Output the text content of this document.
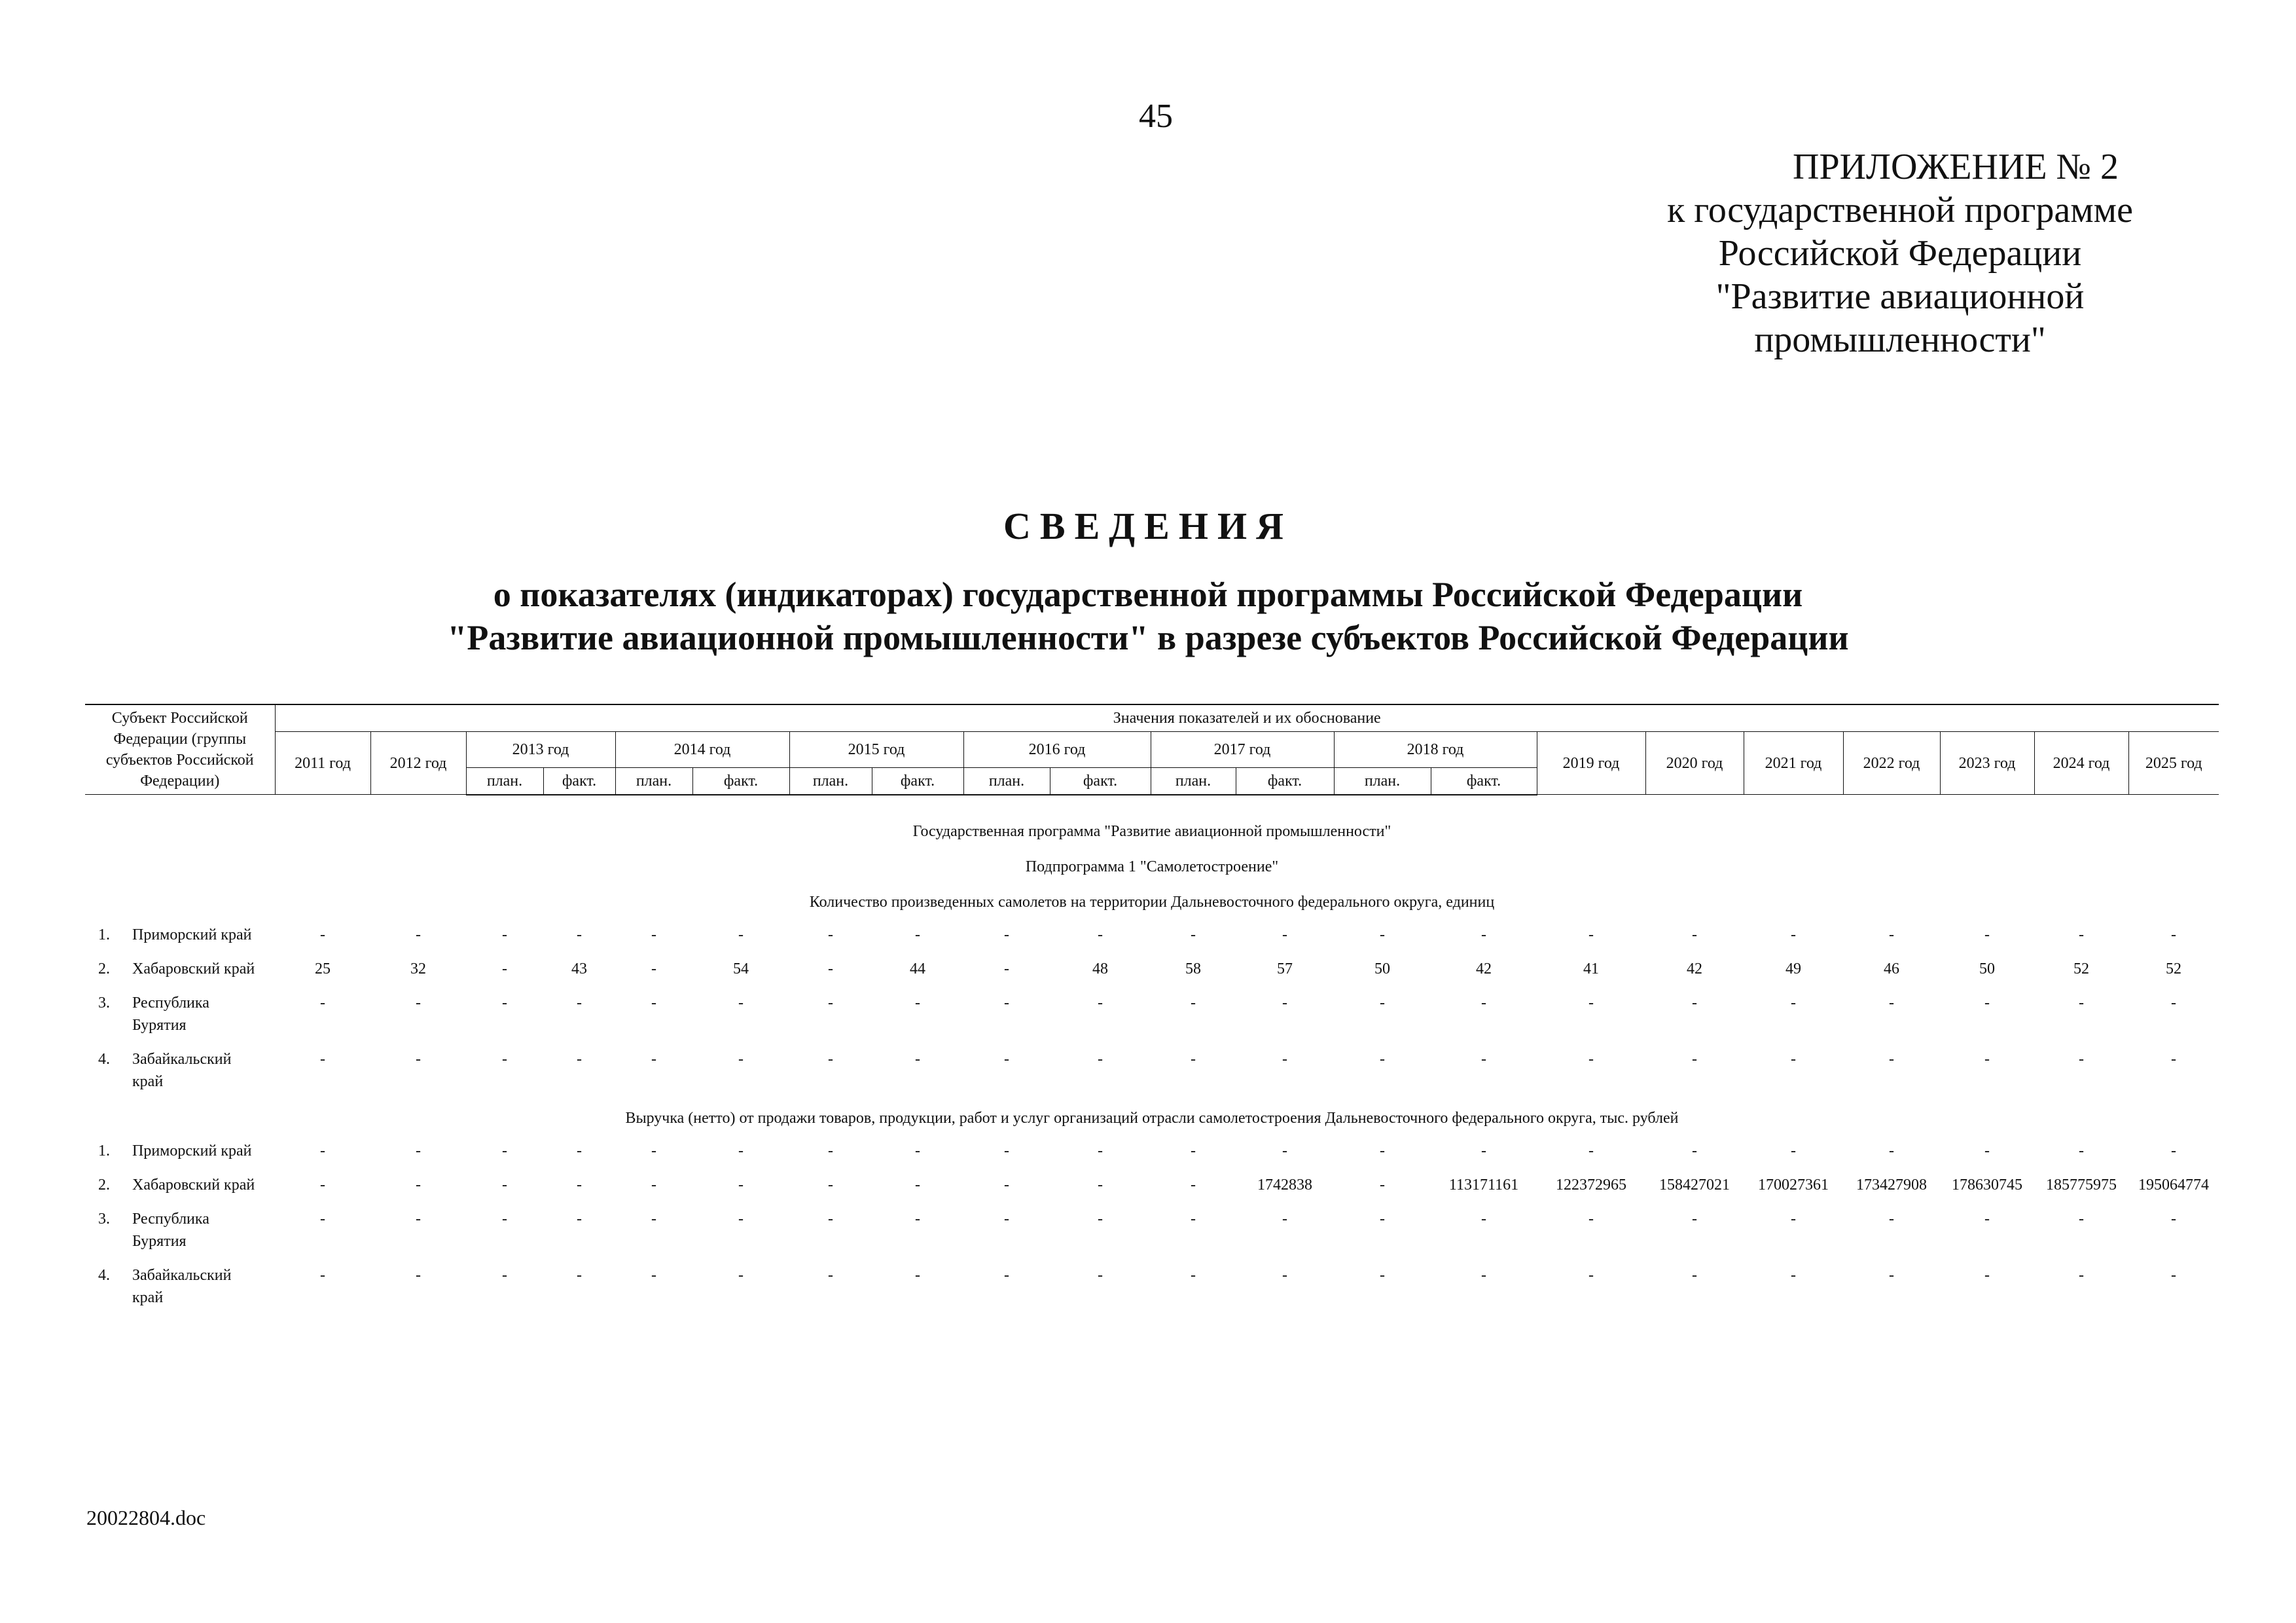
45
ПРИЛОЖЕНИЕ № 2
к государственной программе
Российской Федерации
"Развитие авиационной
промышленности"
СВЕДЕНИЯ
о показателях (индикаторах) государственной программы Российской Федерации
"Развитие авиационной промышленности" в разрезе субъектов Российской Федерации
Субъект Российской Федерации (группы субъектов Российской Федерации)	Значения показателей и их обоснование																				
	2011 год	2012 год	2013 год		2014 год		2015 год		2016 год		2017 год		2018 год		2019 год	2020 год	2021 год	2022 год	2023 год	2024 год	2025 год
			план.	факт.	план.	факт.	план.	факт.	план.	факт.	план.	факт.	план.	факт.							

Государственная программа "Развитие авиационной промышленности"																					
Подпрограмма 1 "Самолетостроение"																					
Количество произведенных самолетов на территории Дальневосточного федерального округа, единиц																					
1. Приморский край	-	-	-	-	-	-	-	-	-	-	-	-	-	-	-	-	-	-	-	-	-
2. Хабаровский край	25	32	-	43	-	54	-	44	-	48	58	57	50	42	41	42	49	46	50	52	52
3. Республика Бурятия	-	-	-	-	-	-	-	-	-	-	-	-	-	-	-	-	-	-	-	-	-
4. Забайкальский край	-	-	-	-	-	-	-	-	-	-	-	-	-	-	-	-	-	-	-	-	-
Выручка (нетто) от продажи товаров, продукции, работ и услуг организаций отрасли самолетостроения Дальневосточного федерального округа, тыс. рублей																					
1. Приморский край	-	-	-	-	-	-	-	-	-	-	-	-	-	-	-	-	-	-	-	-	-
2. Хабаровский край	-	-	-	-	-	-	-	-	-	-	-	1742838	-	113171161	122372965	158427021	170027361	173427908	178630745	185775975	195064774
3. Республика Бурятия	-	-	-	-	-	-	-	-	-	-	-	-	-	-	-	-	-	-	-	-	-
4. Забайкальский край	-	-	-	-	-	-	-	-	-	-	-	-	-	-	-	-	-	-	-	-	-
20022804.doc
